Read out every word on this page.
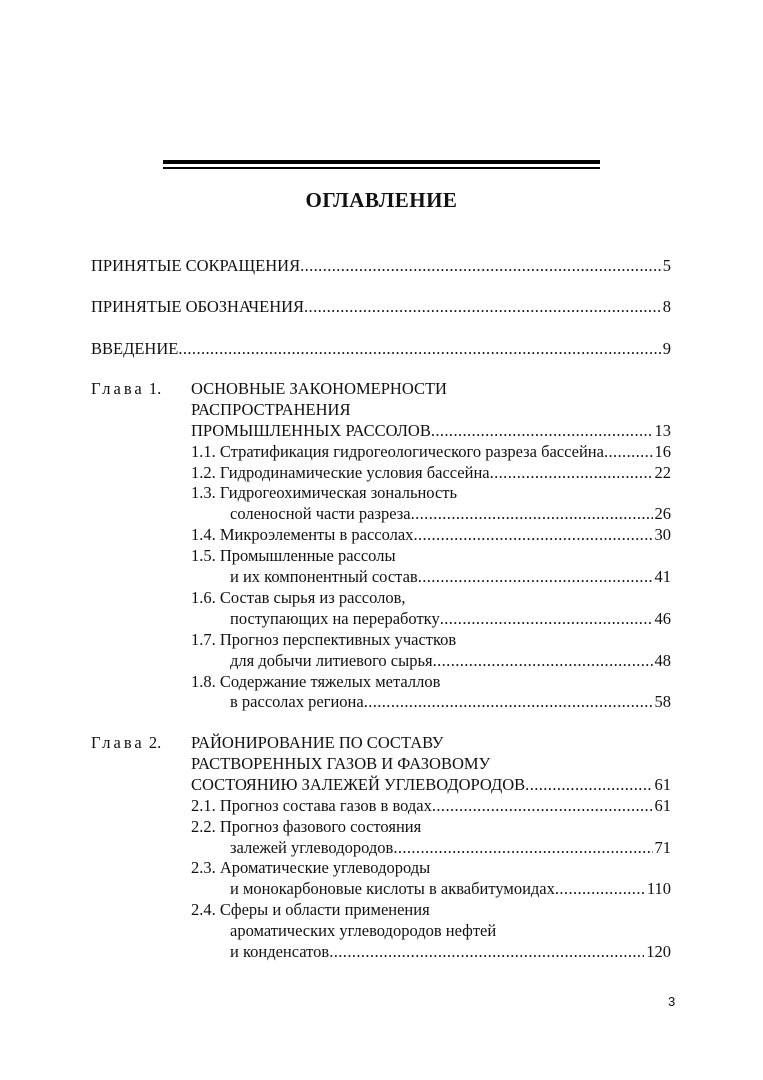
ОГЛАВЛЕНИЕ
ПРИНЯТЫЕ СОКРАЩЕНИЯ .....	5
ПРИНЯТЫЕ ОБОЗНАЧЕНИЯ .....	8
ВВЕДЕНИЕ .....	9
Глава 1. ОСНОВНЫЕ ЗАКОНОМЕРНОСТИ
РАСПРОСТРАНЕНИЯ
ПРОМЫШЛЕННЫХ РАССОЛОВ .....	13
1.1. Стратификация гидрогеологического разреза бассейна .....	16
1.2. Гидродинамические условия бассейна .....	22
1.3. Гидрогеохимическая зональность
соленосной части разреза .....	26
1.4. Микроэлементы в рассолах .....	30
1.5. Промышленные рассолы
и их компонентный состав .....	41
1.6. Состав сырья из рассолов,
поступающих на переработку .....	46
1.7. Прогноз перспективных участков
для добычи литиевого сырья .....	48
1.8. Содержание тяжелых металлов
в рассолах региона .....	58
Глава 2. РАЙОНИРОВАНИЕ ПО СОСТАВУ
РАСТВОРЕННЫХ ГАЗОВ И ФАЗОВОМУ
СОСТОЯНИЮ ЗАЛЕЖЕЙ УГЛЕВОДОРОДОВ .....	61
2.1. Прогноз состава газов в водах .....	61
2.2. Прогноз фазового состояния
залежей углеводородов .....	71
2.3. Ароматические углеводороды
и монокарбоновые кислоты в аквабитумоидах .....	110
2.4. Сферы и области применения
ароматических углеводородов нефтей
и конденсатов .....	120
3
